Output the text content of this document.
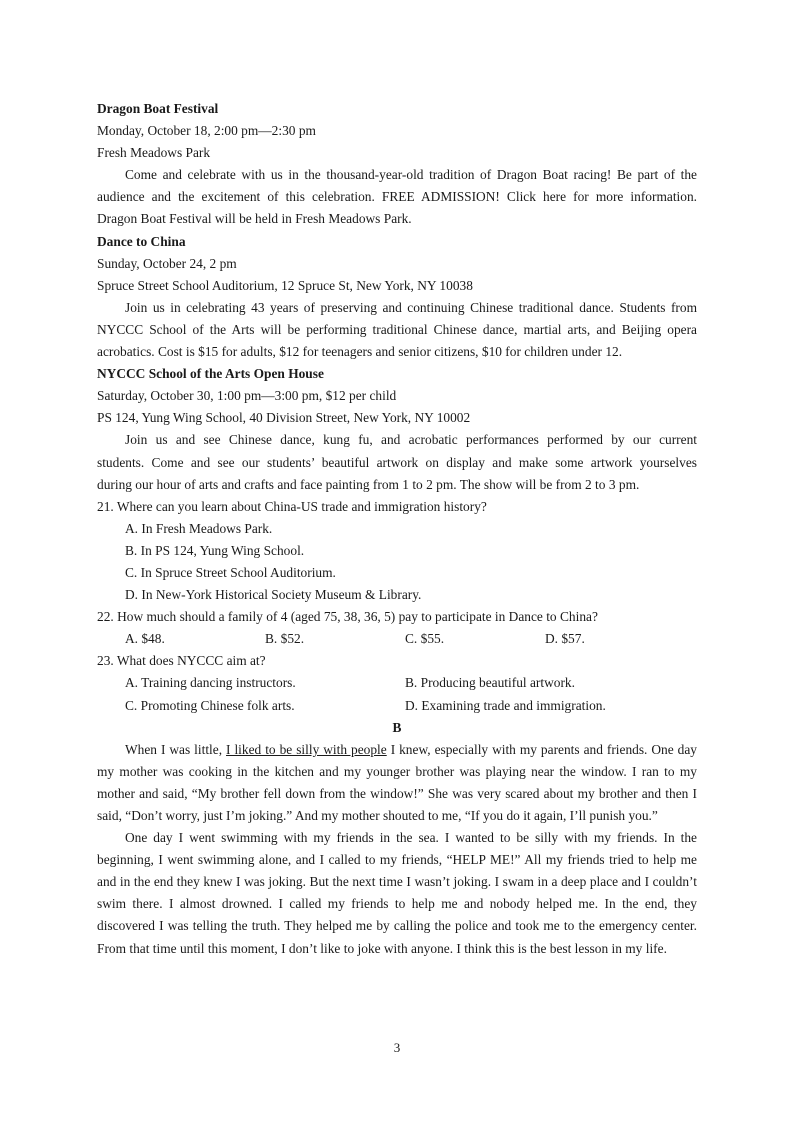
Dragon Boat Festival
Monday, October 18, 2:00 pm—2:30 pm
Fresh Meadows Park
Come and celebrate with us in the thousand-year-old tradition of Dragon Boat racing! Be part of the
audience and the excitement of this celebration. FREE ADMISSION! Click here for more information.
Dragon Boat Festival will be held in Fresh Meadows Park.
Dance to China
Sunday, October 24, 2 pm
Spruce Street School Auditorium, 12 Spruce St, New York, NY 10038
Join us in celebrating 43 years of preserving and continuing Chinese traditional dance. Students from
NYCCC School of the Arts will be performing traditional Chinese dance, martial arts, and Beijing opera
acrobatics. Cost is $15 for adults, $12 for teenagers and senior citizens, $10 for children under 12.
NYCCC School of the Arts Open House
Saturday, October 30, 1:00 pm—3:00 pm, $12 per child
PS 124, Yung Wing School, 40 Division Street, New York, NY 10002
Join us and see Chinese dance, kung fu, and acrobatic performances performed by our current
students. Come and see our students’ beautiful artwork on display and make some artwork yourselves
during our hour of arts and crafts and face painting from 1 to 2 pm. The show will be from 2 to 3 pm.
21. Where can you learn about China-US trade and immigration history?
A. In Fresh Meadows Park.
B. In PS 124, Yung Wing School.
C. In Spruce Street School Auditorium.
D. In New-York Historical Society Museum & Library.
22. How much should a family of 4 (aged 75, 38, 36, 5) pay to participate in Dance to China?
A. $48.	B. $52.	C. $55.	D. $57.
23. What does NYCCC aim at?
A. Training dancing instructors.	B. Producing beautiful artwork.
C. Promoting Chinese folk arts.	D. Examining trade and immigration.
B
When I was little, I liked to be silly with people I knew, especially with my parents and friends. One day my mother was cooking in the kitchen and my younger brother was playing near the window. I ran to my mother and said, “My brother fell down from the window!” She was very scared about my brother and then I said, “Don’t worry, just I’m joking.” And my mother shouted to me, “If you do it again, I’ll punish you.”
One day I went swimming with my friends in the sea. I wanted to be silly with my friends. In the beginning, I went swimming alone, and I called to my friends, “HELP ME!” All my friends tried to help me and in the end they knew I was joking. But the next time I wasn’t joking. I swam in a deep place and I couldn’t swim there. I almost drowned. I called my friends to help me and nobody helped me. In the end, they discovered I was telling the truth. They helped me by calling the police and took me to the emergency center. From that time until this moment, I don’t like to joke with anyone. I think this is the best lesson in my life.
3
